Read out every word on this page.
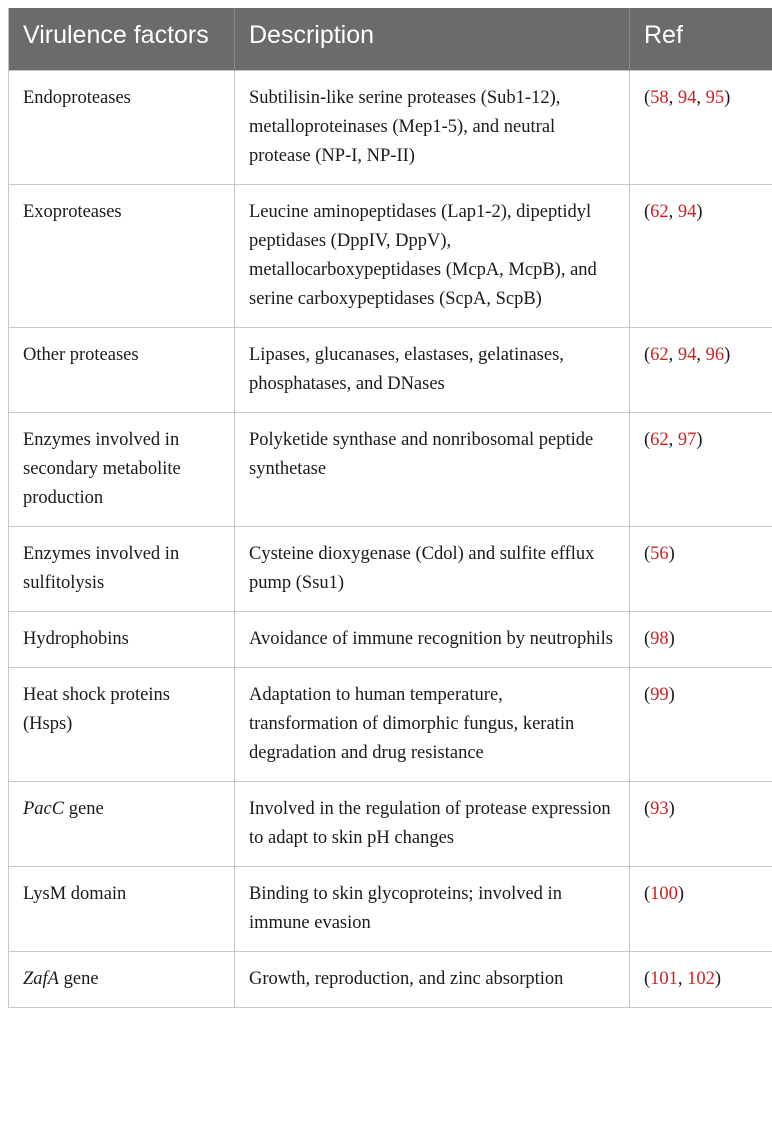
Virulence factors	Description	Ref
Endoproteases	Subtilisin-like serine proteases (Sub1-12), metalloproteinases (Mep1-5), and neutral protease (NP-I, NP-II)	(58, 94, 95)
Exoproteases	Leucine aminopeptidases (Lap1-2), dipeptidyl peptidases (DppIV, DppV), metallocarboxypeptidases (McpA, McpB), and serine carboxypeptidases (ScpA, ScpB)	(62, 94)
Other proteases	Lipases, glucanases, elastases, gelatinases, phosphatases, and DNases	(62, 94, 96)
Enzymes involved in secondary metabolite production	Polyketide synthase and nonribosomal peptide synthetase	(62, 97)
Enzymes involved in sulfitolysis	Cysteine dioxygenase (Cdol) and sulfite efflux pump (Ssu1)	(56)
Hydrophobins	Avoidance of immune recognition by neutrophils	(98)
Heat shock proteins (Hsps)	Adaptation to human temperature, transformation of dimorphic fungus, keratin degradation and drug resistance	(99)
PacC gene	Involved in the regulation of protease expression to adapt to skin pH changes	(93)
LysM domain	Binding to skin glycoproteins; involved in immune evasion	(100)
ZafA gene	Growth, reproduction, and zinc absorption	(101, 102)
